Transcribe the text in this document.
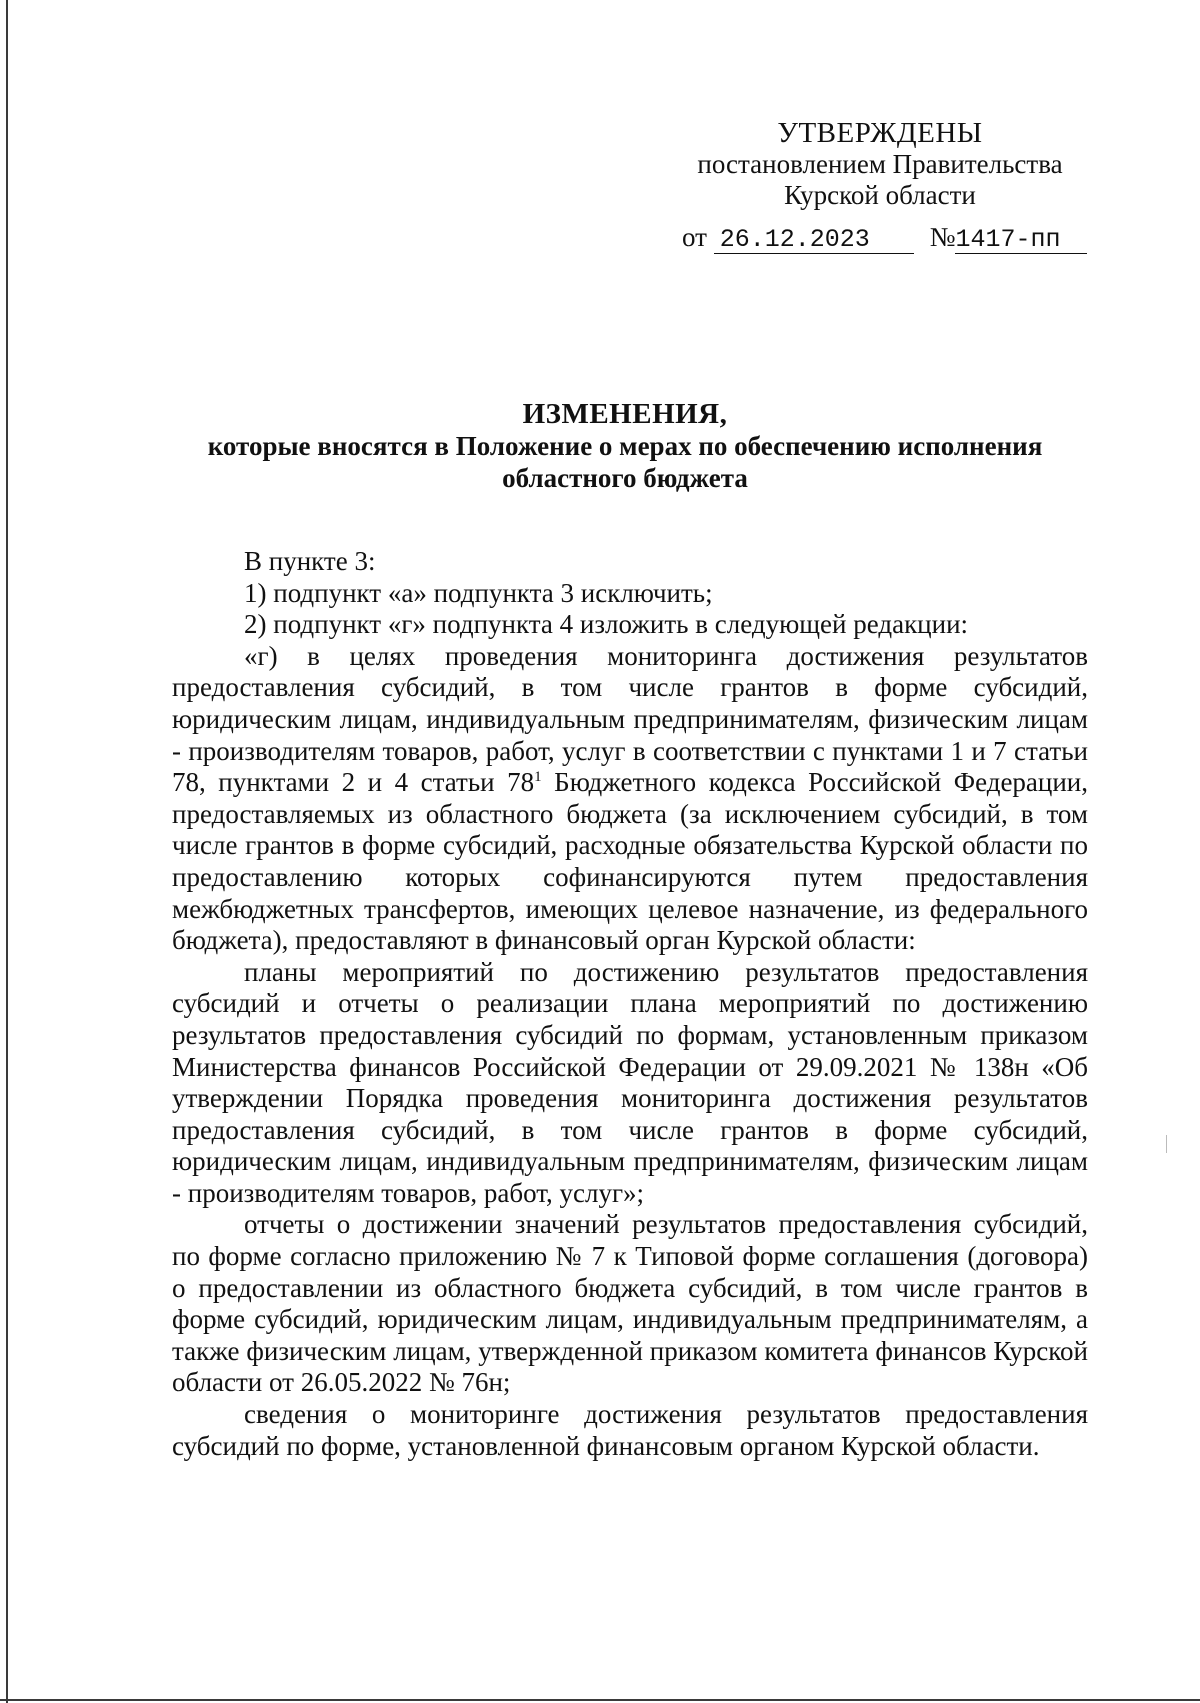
УТВЕРЖДЕНЫ
постановлением Правительства
Курской области
от 26.12.2023 №1417-пп
ИЗМЕНЕНИЯ,
которые вносятся в Положение о мерах по обеспечению исполнения
областного бюджета

В пункте 3:

1) подпункт «а» подпункта 3 исключить;

2) подпункт «г» подпункта 4 изложить в следующей редакции:

«г) в целях проведения мониторинга достижения результатов предоставления субсидий, в том числе грантов в форме субсидий, юридическим лицам, индивидуальным предпринимателям, физическим лицам - производителям товаров, работ, услуг в соответствии с пунктами 1 и 7 статьи 78, пунктами 2 и 4 статьи $78^1$ Бюджетного кодекса Российской Федерации, предоставляемых из областного бюджета (за исключением субсидий, в том числе грантов в форме субсидий, расходные обязательства Курской области по предоставлению которых софинансируются путем предоставления межбюджетных трансфертов, имеющих целевое назначение, из федерального бюджета), предоставляют в финансовый орган Курской области:

планы мероприятий по достижению результатов предоставления субсидий и отчеты о реализации плана мероприятий по достижению результатов предоставления субсидий по формам, установленным приказом Министерства финансов Российской Федерации от 29.09.2021 № 138н «Об утверждении Порядка проведения мониторинга достижения результатов предоставления субсидий, в том числе грантов в форме субсидий, юридическим лицам, индивидуальным предпринимателям, физическим лицам - производителям товаров, работ, услуг»;

отчеты о достижении значений результатов предоставления субсидий, по форме согласно приложению № 7 к Типовой форме соглашения (договора) о предоставлении из областного бюджета субсидий, в том числе грантов в форме субсидий, юридическим лицам, индивидуальным предпринимателям, а также физическим лицам, утвержденной приказом комитета финансов Курской области от 26.05.2022 № 76н;

сведения о мониторинге достижения результатов предоставления субсидий по форме, установленной финансовым органом Курской области.
